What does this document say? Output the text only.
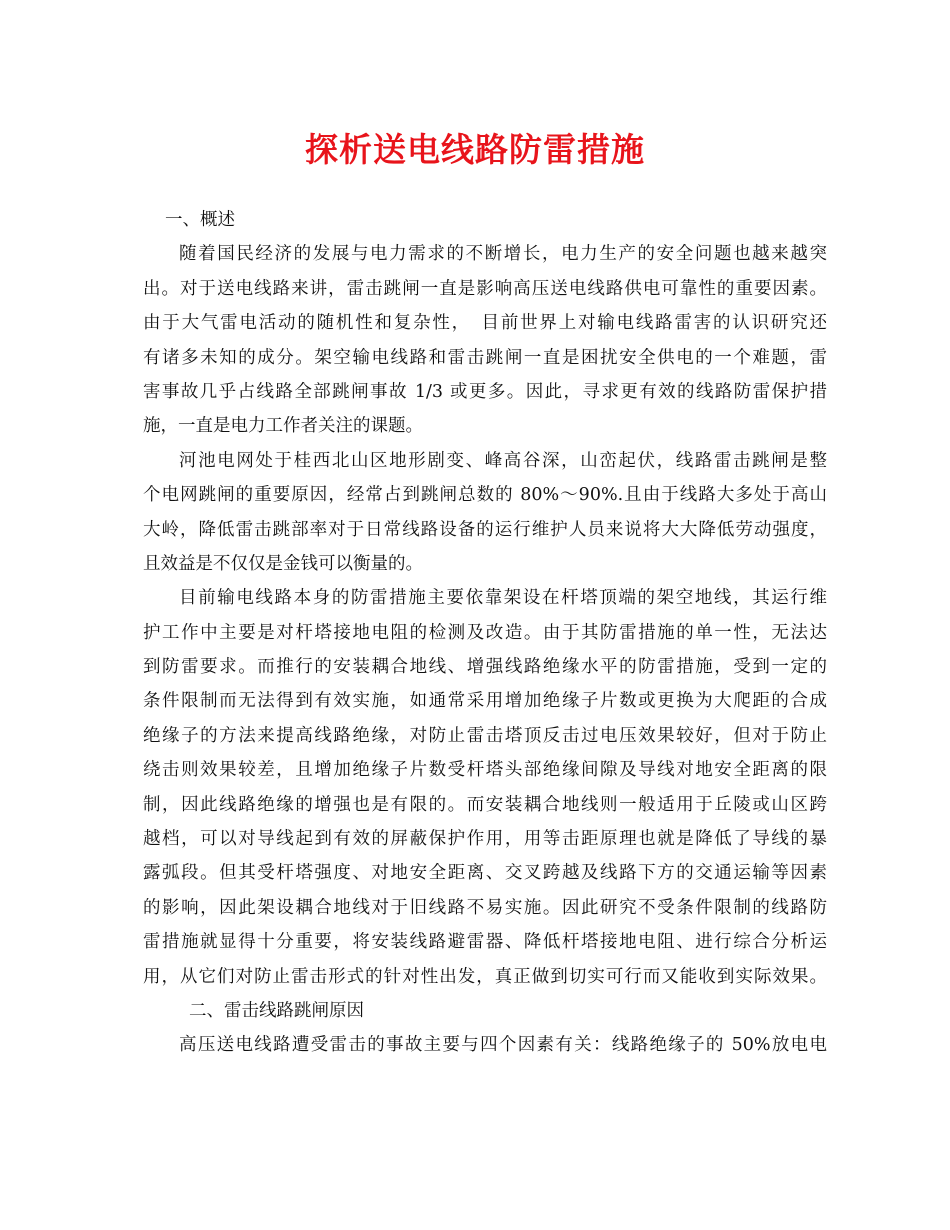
探析送电线路防雷措施
一、概述
随着国民经济的发展与电力需求的不断增长，电力生产的安全问题也越来越突
出。对于送电线路来讲，雷击跳闸一直是影响高压送电线路供电可靠性的重要因素。
由于大气雷电活动的随机性和复杂性，　目前世界上对输电线路雷害的认识研究还
有诸多未知的成分。架空输电线路和雷击跳闸一直是困扰安全供电的一个难题，雷
害事故几乎占线路全部跳闸事故 1/3 或更多。因此，寻求更有效的线路防雷保护措
施，一直是电力工作者关注的课题。
河池电网处于桂西北山区地形剧变、峰高谷深，山峦起伏，线路雷击跳闸是整
个电网跳闸的重要原因，经常占到跳闸总数的 80%～90%.且由于线路大多处于高山
大岭，降低雷击跳部率对于日常线路设备的运行维护人员来说将大大降低劳动强度，
且效益是不仅仅是金钱可以衡量的。
目前输电线路本身的防雷措施主要依靠架设在杆塔顶端的架空地线，其运行维
护工作中主要是对杆塔接地电阻的检测及改造。由于其防雷措施的单一性，无法达
到防雷要求。而推行的安装耦合地线、增强线路绝缘水平的防雷措施，受到一定的
条件限制而无法得到有效实施，如通常采用增加绝缘子片数或更换为大爬距的合成
绝缘子的方法来提高线路绝缘，对防止雷击塔顶反击过电压效果较好，但对于防止
绕击则效果较差，且增加绝缘子片数受杆塔头部绝缘间隙及导线对地安全距离的限
制，因此线路绝缘的增强也是有限的。而安装耦合地线则一般适用于丘陵或山区跨
越档，可以对导线起到有效的屏蔽保护作用，用等击距原理也就是降低了导线的暴
露弧段。但其受杆塔强度、对地安全距离、交叉跨越及线路下方的交通运输等因素
的影响，因此架设耦合地线对于旧线路不易实施。因此研究不受条件限制的线路防
雷措施就显得十分重要，将安装线路避雷器、降低杆塔接地电阻、进行综合分析运
用，从它们对防止雷击形式的针对性出发，真正做到切实可行而又能收到实际效果。
二、雷击线路跳闸原因
高压送电线路遭受雷击的事故主要与四个因素有关：线路绝缘子的 50%放电电
